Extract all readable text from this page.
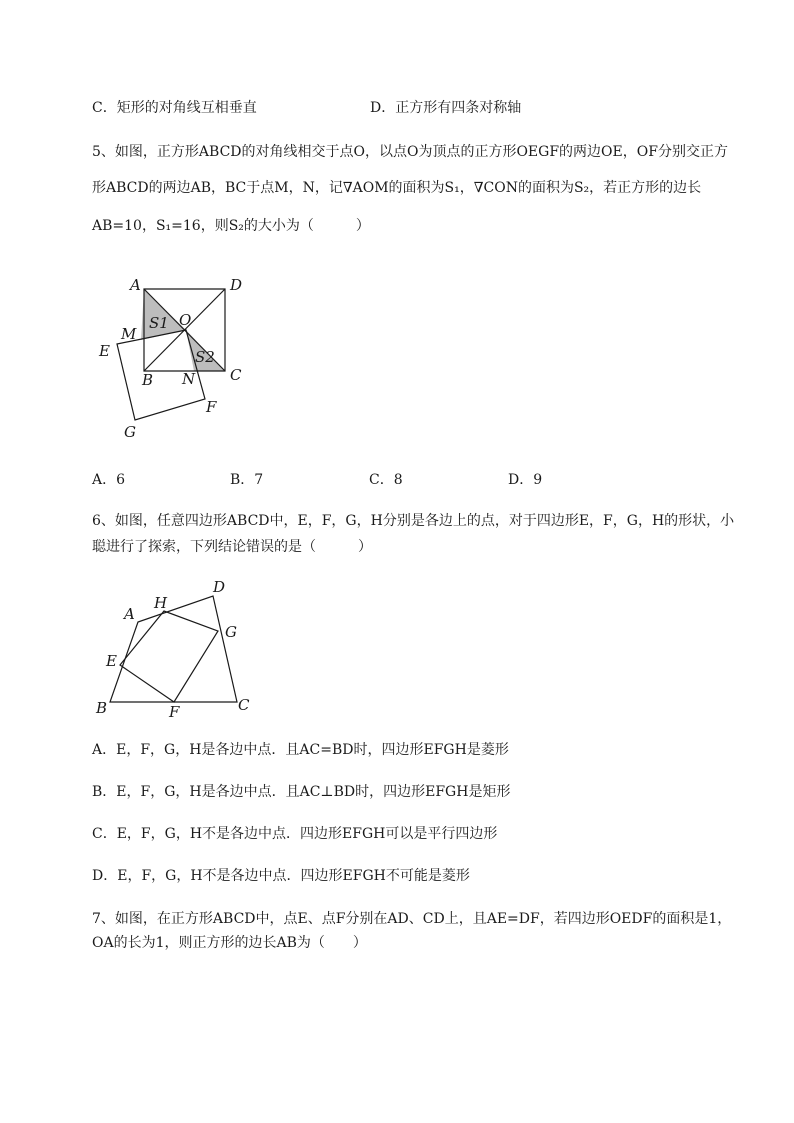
C．矩形的对角线互相垂直	D．正方形有四条对称轴
5、如图，正方形ABCD的对角线相交于点O，以点O为顶点的正方形OEGF的两边OE，OF分别交正方
形ABCD的两边AB，BC于点M，N，记∇AOM的面积为S₁，∇CON的面积为S₂，若正方形的边长
AB=10，S₁=16，则S₂的大小为（　　　）
A	D
O
M
E
B N C
F
G
S1
S2
A．6	B．7	C．8	D．9
6、如图，任意四边形ABCD中，E，F，G，H分别是各边上的点，对于四边形E，F，G，H的形状，小
聪进行了探索，下列结论错误的是（　　　）
A
H
D
G
E
B	F	C
A．E，F，G，H是各边中点．且AC=BD时，四边形EFGH是菱形
B．E，F，G，H是各边中点．且AC⊥BD时，四边形EFGH是矩形
C．E，F，G，H不是各边中点．四边形EFGH可以是平行四边形
D．E，F，G，H不是各边中点．四边形EFGH不可能是菱形
7、如图，在正方形ABCD中，点E、点F分别在AD、CD上，且AE=DF，若四边形OEDF的面积是1，
OA的长为1，则正方形的边长AB为（　　）
